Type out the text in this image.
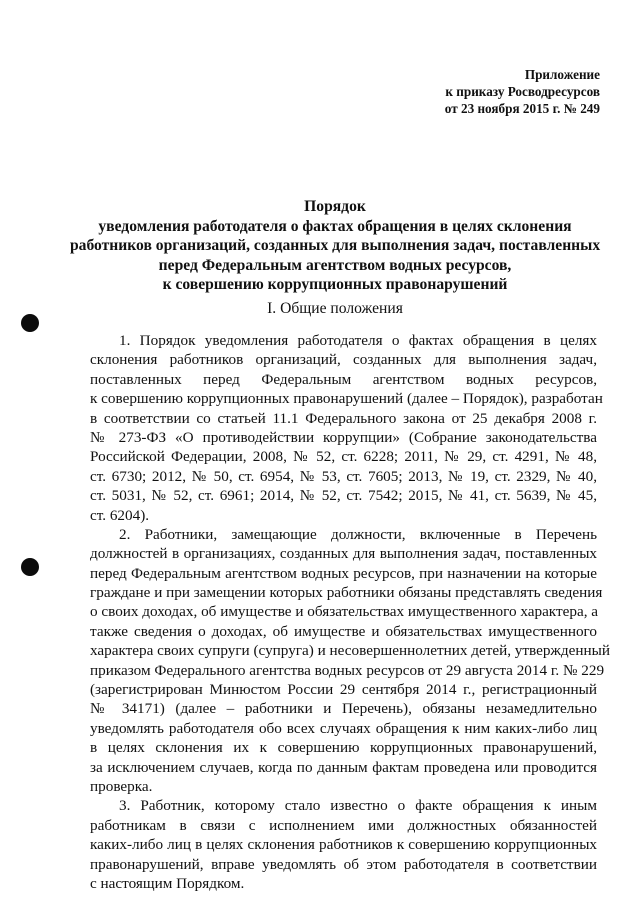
Приложение
к приказу Росводресурсов
от 23 ноября 2015 г. № 249
Порядок
уведомления работодателя о фактах обращения в целях склонения
работников организаций, созданных для выполнения задач, поставленных
перед Федеральным агентством водных ресурсов,
к совершению коррупционных правонарушений
I. Общие положения
1. Порядок уведомления работодателя о фактах обращения в целях
склонения работников организаций, созданных для выполнения задач,
поставленных перед Федеральным агентством водных ресурсов,
к совершению коррупционных правонарушений (далее – Порядок), разработан
в соответствии со статьей 11.1 Федерального закона от 25 декабря 2008 г.
№ 273-ФЗ «О противодействии коррупции» (Собрание законодательства
Российской Федерации, 2008, № 52, ст. 6228; 2011, № 29, ст. 4291, № 48,
ст. 6730; 2012, № 50, ст. 6954, № 53, ст. 7605; 2013, № 19, ст. 2329, № 40,
ст. 5031, № 52, ст. 6961; 2014, № 52, ст. 7542; 2015, № 41, ст. 5639, № 45,
ст. 6204).
2. Работники, замещающие должности, включенные в Перечень
должностей в организациях, созданных для выполнения задач, поставленных
перед Федеральным агентством водных ресурсов, при назначении на которые
граждане и при замещении которых работники обязаны представлять сведения
о своих доходах, об имуществе и обязательствах имущественного характера, а
также сведения о доходах, об имуществе и обязательствах имущественного
характера своих супруги (супруга) и несовершеннолетних детей, утвержденный
приказом Федерального агентства водных ресурсов от 29 августа 2014 г. № 229
(зарегистрирован Минюстом России 29 сентября 2014 г., регистрационный
№ 34171) (далее – работники и Перечень), обязаны незамедлительно
уведомлять работодателя обо всех случаях обращения к ним каких-либо лиц
в целях склонения их к совершению коррупционных правонарушений,
за исключением случаев, когда по данным фактам проведена или проводится
проверка.
3. Работник, которому стало известно о факте обращения к иным
работникам в связи с исполнением ими должностных обязанностей
каких-либо лиц в целях склонения работников к совершению коррупционных
правонарушений, вправе уведомлять об этом работодателя в соответствии
с настоящим Порядком.
